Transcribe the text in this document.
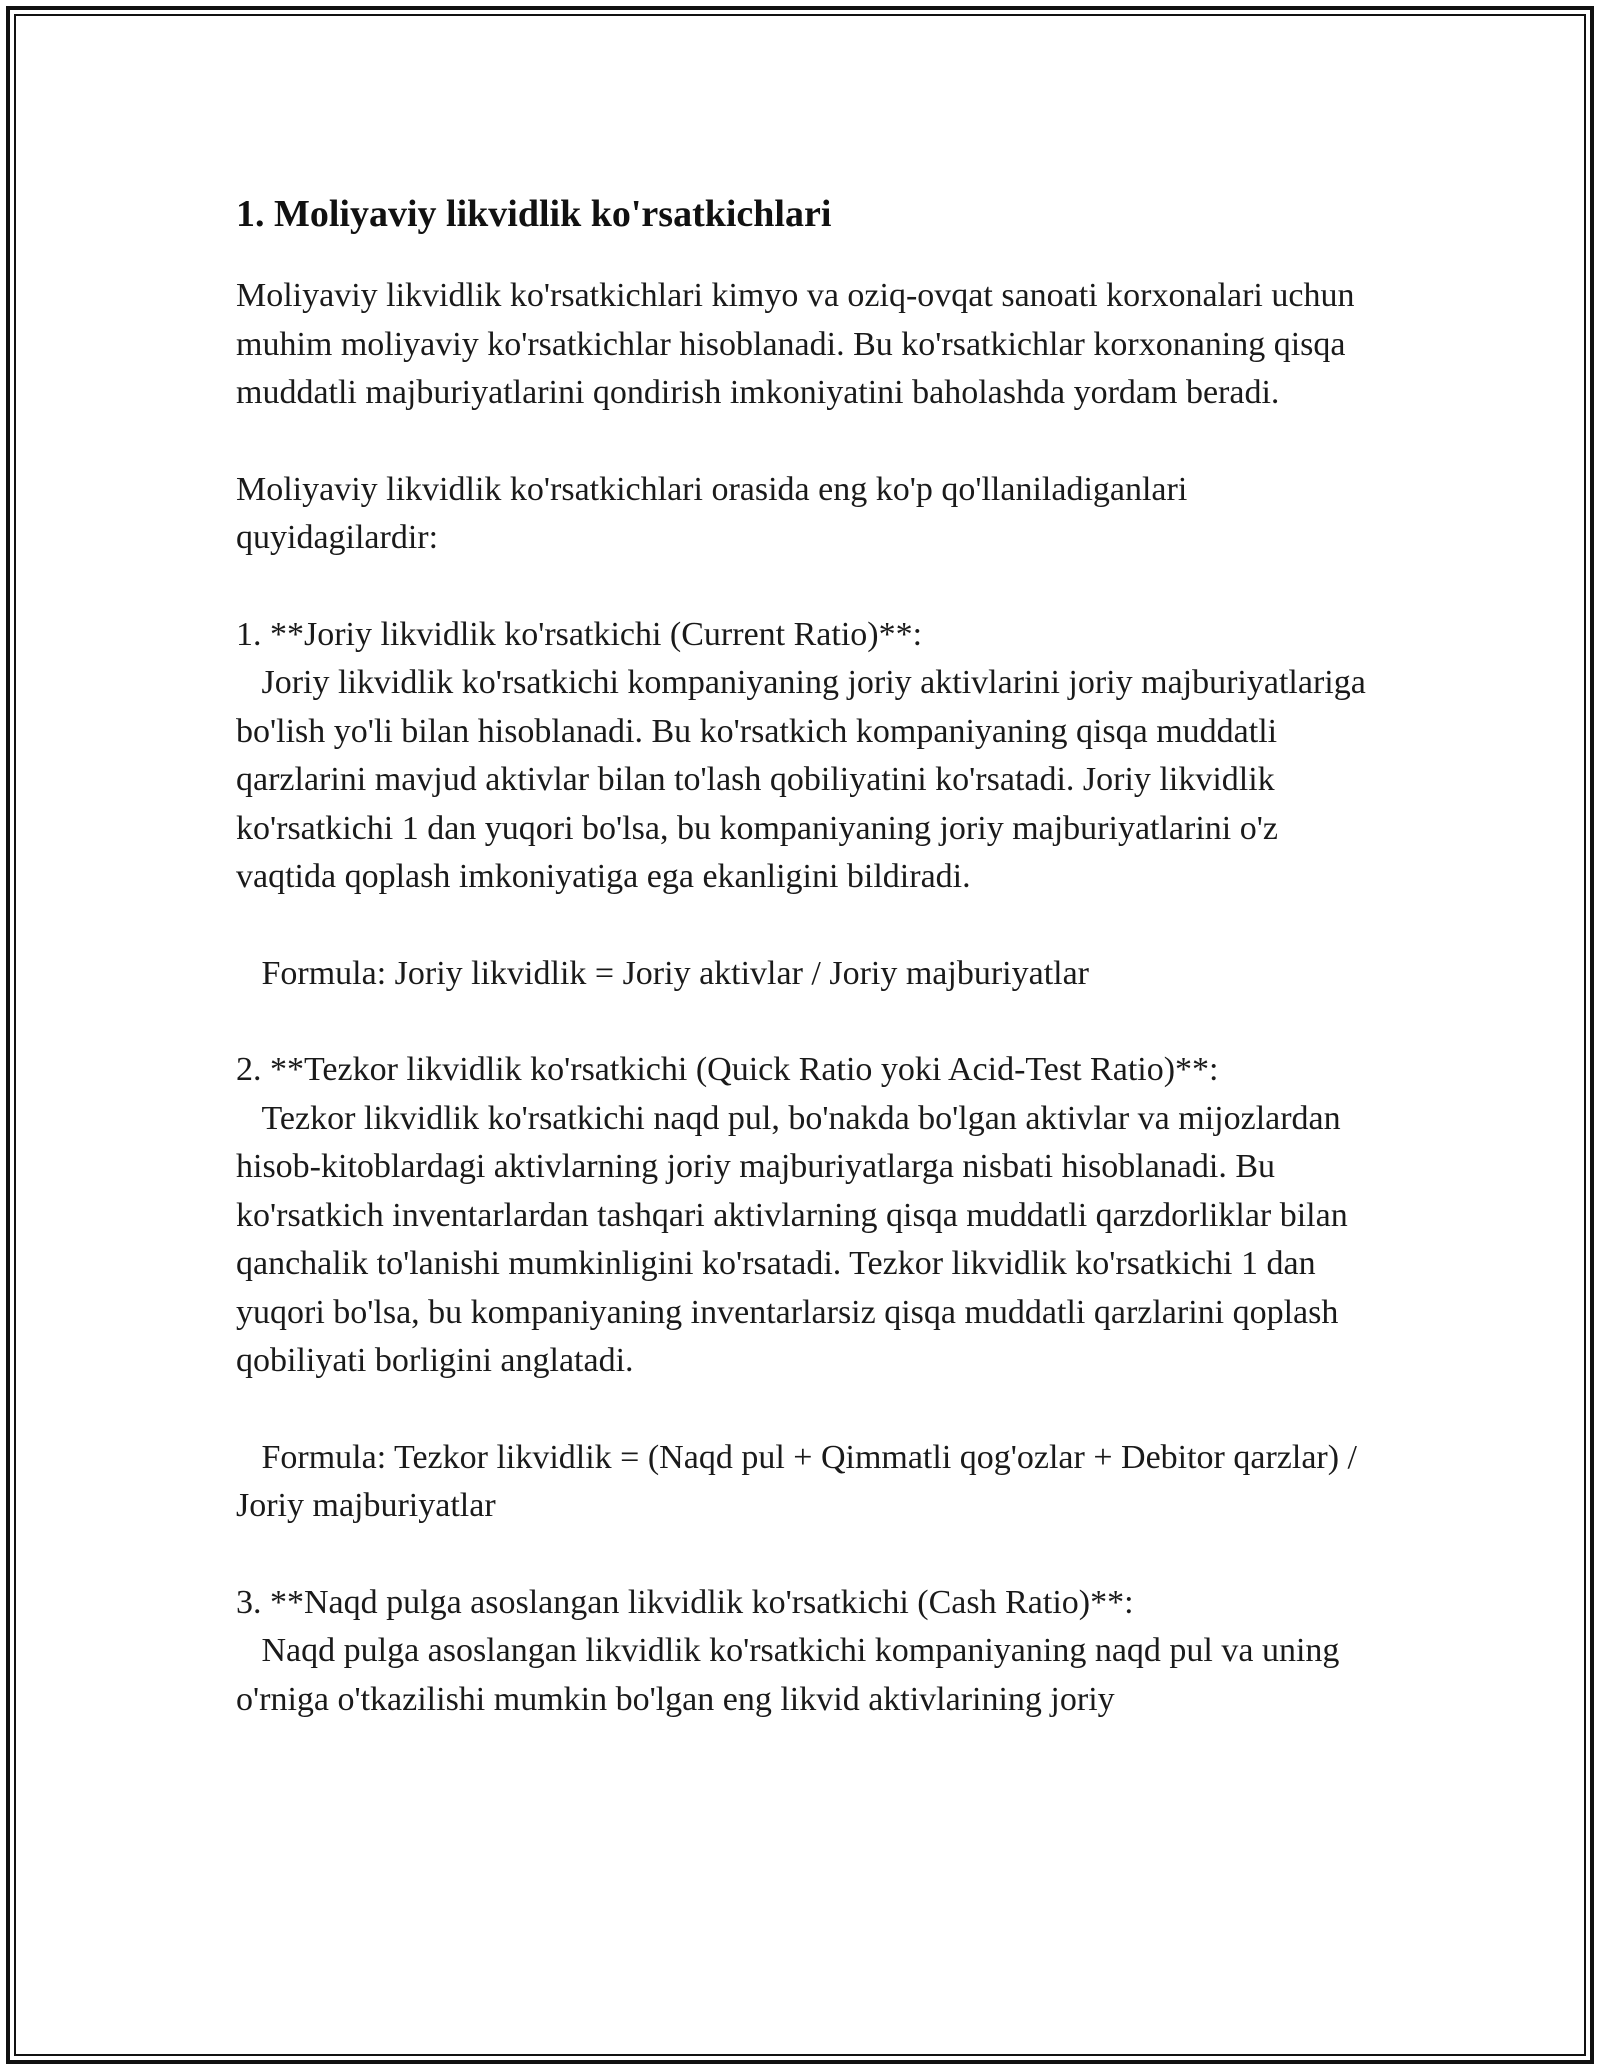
1. Moliyaviy likvidlik ko'rsatkichlari

Moliyaviy likvidlik ko'rsatkichlari kimyo va oziq-ovqat sanoati korxonalari uchun muhim moliyaviy ko'rsatkichlar hisoblanadi. Bu ko'rsatkichlar korxonaning qisqa muddatli majburiyatlarini qondirish imkoniyatini baholashda yordam beradi.

Moliyaviy likvidlik ko'rsatkichlari orasida eng ko'p qo'llaniladiganlari quyidagilardir:

1. **Joriy likvidlik ko'rsatkichi (Current Ratio)**:

Joriy likvidlik ko'rsatkichi kompaniyaning joriy aktivlarini joriy majburiyatlariga bo'lish yo'li bilan hisoblanadi. Bu ko'rsatkich kompaniyaning qisqa muddatli qarzlarini mavjud aktivlar bilan to'lash qobiliyatini ko'rsatadi. Joriy likvidlik ko'rsatkichi 1 dan yuqori bo'lsa, bu kompaniyaning joriy majburiyatlarini o'z vaqtida qoplash imkoniyatiga ega ekanligini bildiradi.

Formula: Joriy likvidlik = Joriy aktivlar / Joriy majburiyatlar

2. **Tezkor likvidlik ko'rsatkichi (Quick Ratio yoki Acid-Test Ratio)**:

Tezkor likvidlik ko'rsatkichi naqd pul, bo'nakda bo'lgan aktivlar va mijozlardan hisob-kitoblardagi aktivlarning joriy majburiyatlarga nisbati hisoblanadi. Bu ko'rsatkich inventarlardan tashqari aktivlarning qisqa muddatli qarzdorliklar bilan qanchalik to'lanishi mumkinligini ko'rsatadi. Tezkor likvidlik ko'rsatkichi 1 dan yuqori bo'lsa, bu kompaniyaning inventarlarsiz qisqa muddatli qarzlarini qoplash qobiliyati borligini anglatadi.

Formula: Tezkor likvidlik = (Naqd pul + Qimmatli qog'ozlar + Debitor qarzlar) / Joriy majburiyatlar

3. **Naqd pulga asoslangan likvidlik ko'rsatkichi (Cash Ratio)**:

Naqd pulga asoslangan likvidlik ko'rsatkichi kompaniyaning naqd pul va uning o'rniga o'tkazilishi mumkin bo'lgan eng likvid aktivlarining joriy
